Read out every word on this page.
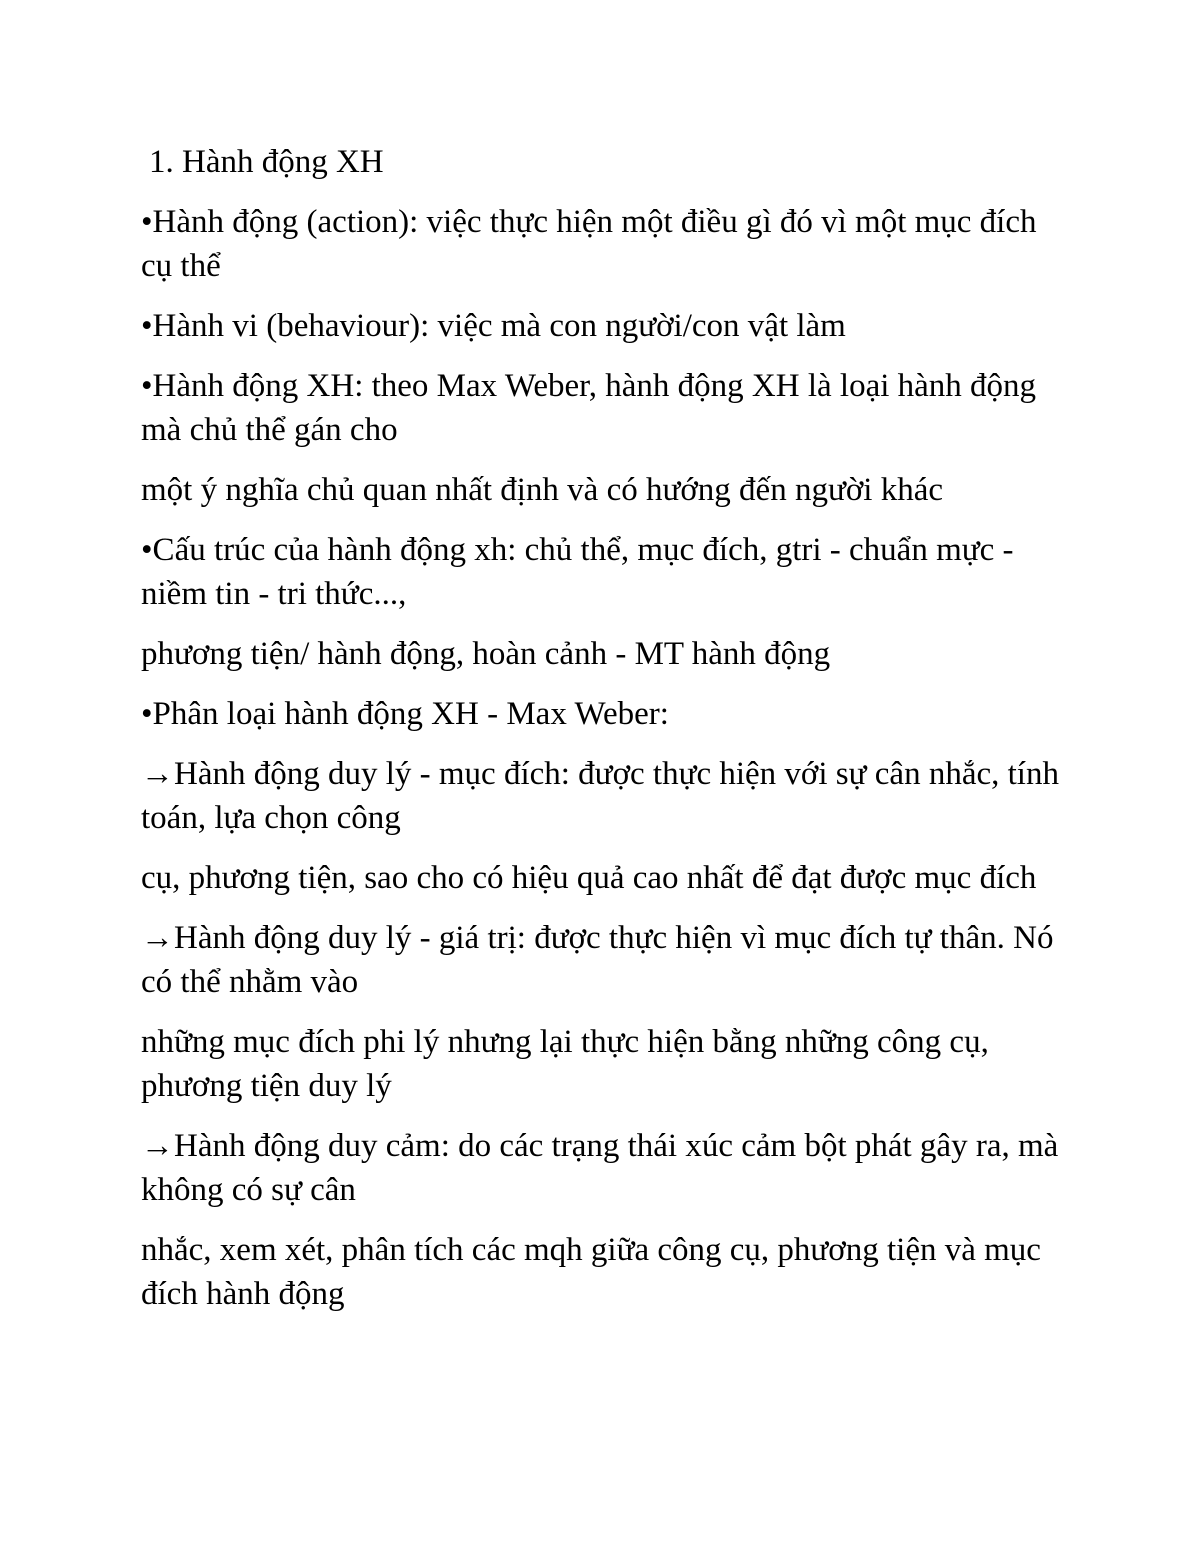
1. Hành động XH

•Hành động (action): việc thực hiện một điều gì đó vì một mục đích cụ thể

•Hành vi (behaviour): việc mà con người/con vật làm

•Hành động XH: theo Max Weber, hành động XH là loại hành động mà chủ thể gán cho

một ý nghĩa chủ quan nhất định và có hướng đến người khác

•Cấu trúc của hành động xh: chủ thể, mục đích, gtri - chuẩn mực - niềm tin - tri thức...,

phương tiện/ hành động, hoàn cảnh - MT hành động

•Phân loại hành động XH - Max Weber:

→Hành động duy lý - mục đích: được thực hiện với sự cân nhắc, tính toán, lựa chọn công

cụ, phương tiện, sao cho có hiệu quả cao nhất để đạt được mục đích

→Hành động duy lý - giá trị: được thực hiện vì mục đích tự thân. Nó có thể nhằm vào

những mục đích phi lý nhưng lại thực hiện bằng những công cụ, phương tiện duy lý

→Hành động duy cảm: do các trạng thái xúc cảm bột phát gây ra, mà không có sự cân

nhắc, xem xét, phân tích các mqh giữa công cụ, phương tiện và mục đích hành động
